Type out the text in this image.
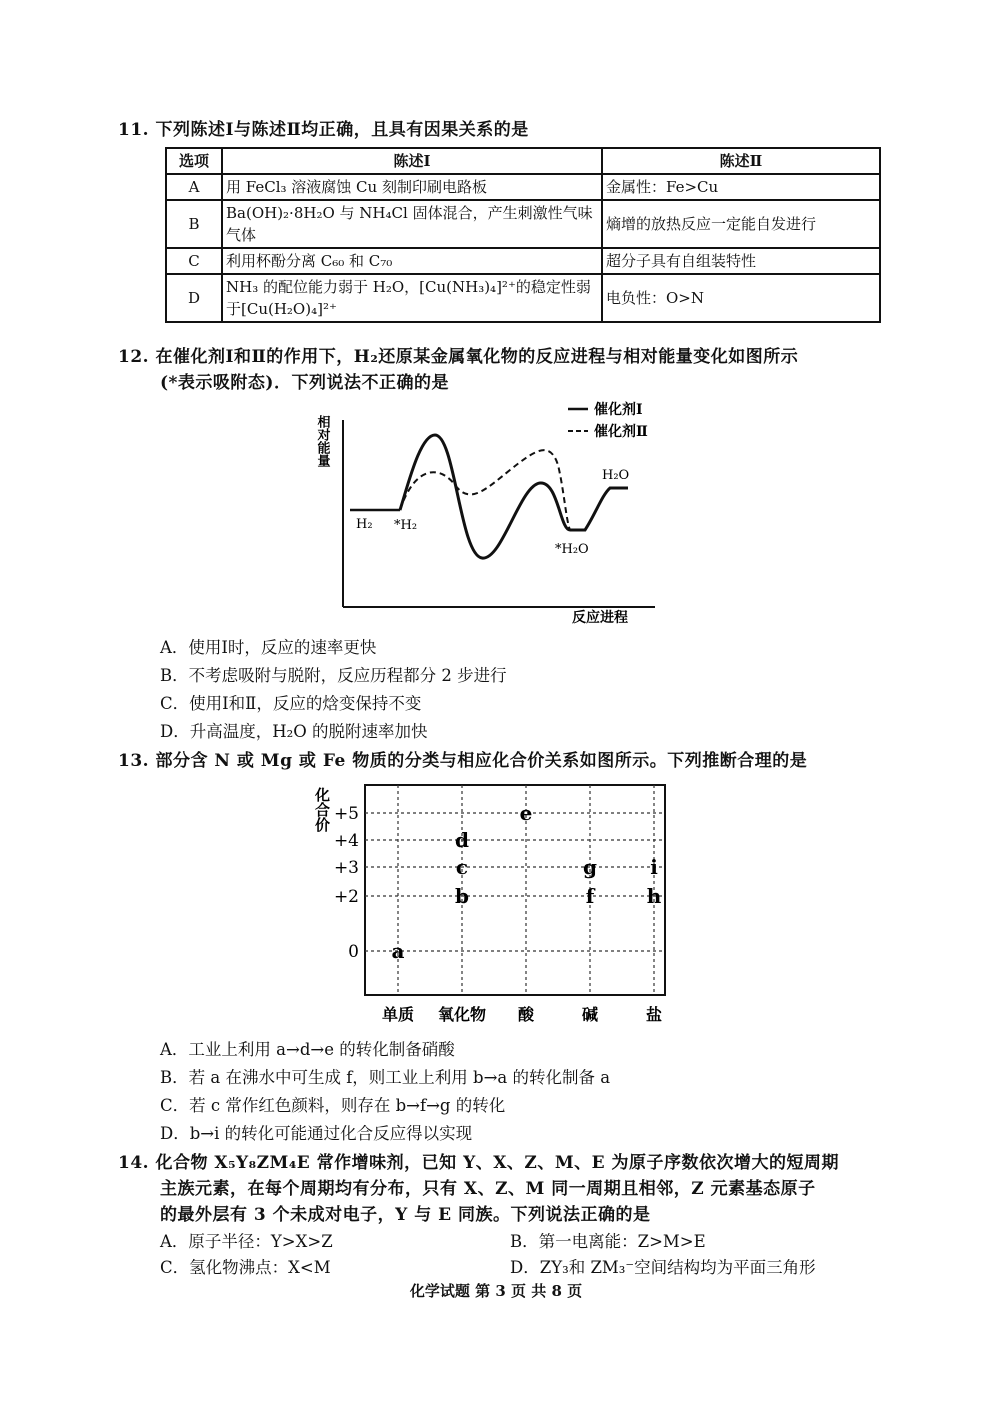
11. 下列陈述Ⅰ与陈述Ⅱ均正确，且具有因果关系的是
选项	陈述Ⅰ	陈述Ⅱ
A	用 FeCl₃ 溶液腐蚀 Cu 刻制印刷电路板	金属性：Fe>Cu
B	Ba(OH)₂·8H₂O 与 NH₄Cl 固体混合，产生刺激性气味气体	熵增的放热反应一定能自发进行
C	利用杯酚分离 C₆₀ 和 C₇₀	超分子具有自组装特性
D	NH₃ 的配位能力弱于 H₂O，[Cu(NH₃)₄]²⁺的稳定性弱于[Cu(H₂O)₄]²⁺	电负性：O>N
12. 在催化剂Ⅰ和Ⅱ的作用下，H₂还原某金属氧化物的反应进程与相对能量变化如图所示
(*表示吸附态)．下列说法不正确的是
相对能量
反应进程
催化剂Ⅰ
催化剂Ⅱ
H₂ *H₂
*H₂O
H₂O
A．使用Ⅰ时，反应的速率更快
B．不考虑吸附与脱附，反应历程都分 2 步进行
C．使用Ⅰ和Ⅱ，反应的焓变保持不变
D．升高温度，H₂O 的脱附速率加快
13. 部分含 N 或 Mg 或 Fe 物质的分类与相应化合价关系如图所示。下列推断合理的是
+5
+4
+3
+2
0
化合价
单质 氧化物 酸	碱	盐
a
b
c
d
e
f
g
h
i
A．工业上利用 a→d→e 的转化制备硝酸
B．若 a 在沸水中可生成 f，则工业上利用 b→a 的转化制备 a
C．若 c 常作红色颜料，则存在 b→f→g 的转化
D．b→i 的转化可能通过化合反应得以实现
14. 化合物 X₅Y₈ZM₄E 常作增味剂，已知 Y、X、Z、M、E 为原子序数依次增大的短周期
主族元素，在每个周期均有分布，只有 X、Z、M 同一周期且相邻，Z 元素基态原子
的最外层有 3 个未成对电子，Y 与 E 同族。下列说法正确的是
A．原子半径：Y>X>Z	B．第一电离能：Z>M>E
C．氢化物沸点：X<M	D．ZY₃和 ZM₃⁻空间结构均为平面三角形
化学试题 第 3 页 共 8 页
